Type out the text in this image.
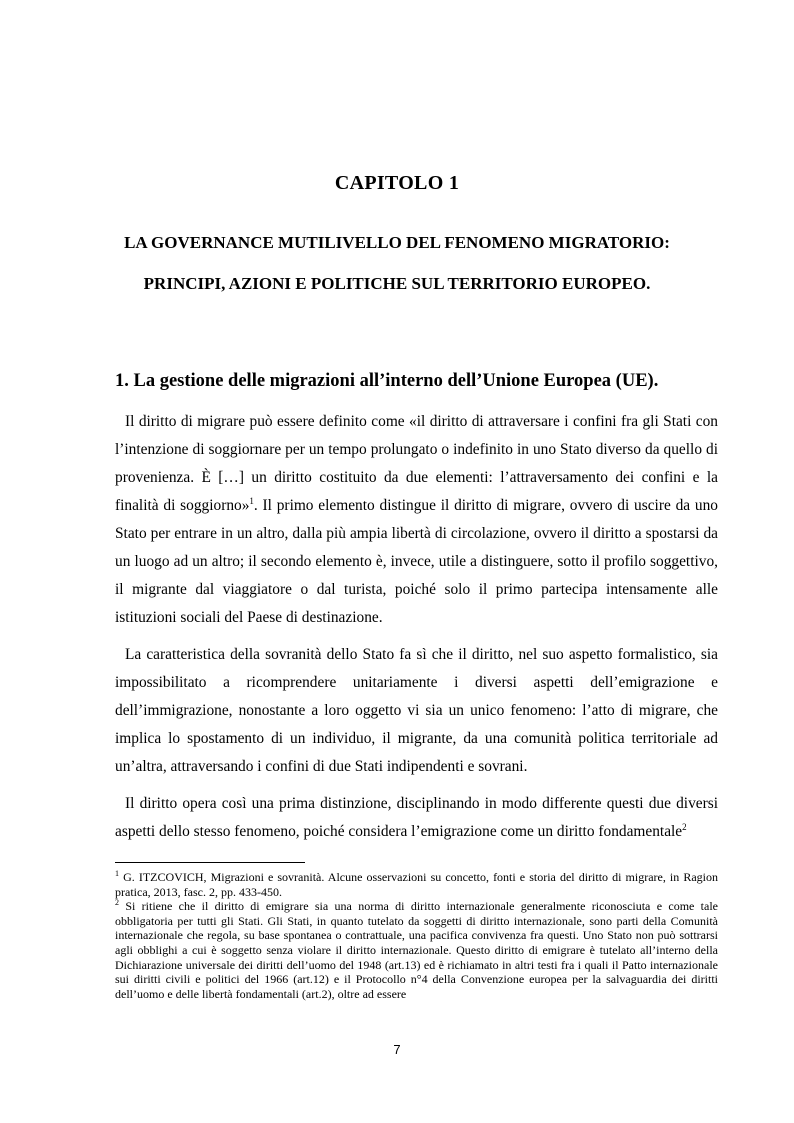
CAPITOLO 1
LA GOVERNANCE MUTILIVELLO DEL FENOMENO MIGRATORIO:
PRINCIPI, AZIONI E POLITICHE SUL TERRITORIO EUROPEO.
1. La gestione delle migrazioni all’interno dell’Unione Europea (UE).

Il diritto di migrare può essere definito come «il diritto di attraversare i confini fra gli Stati con l’intenzione di soggiornare per un tempo prolungato o indefinito in uno Stato diverso da quello di provenienza. È […] un diritto costituito da due elementi: l’attraversamento dei confini e la finalità di soggiorno»$^1$. Il primo elemento distingue il diritto di migrare, ovvero di uscire da uno Stato per entrare in un altro, dalla più ampia libertà di circolazione, ovvero il diritto a spostarsi da un luogo ad un altro; il secondo elemento è, invece, utile a distinguere, sotto il profilo soggettivo, il migrante dal viaggiatore o dal turista, poiché solo il primo partecipa intensamente alle istituzioni sociali del Paese di destinazione.

La caratteristica della sovranità dello Stato fa sì che il diritto, nel suo aspetto formalistico, sia impossibilitato a ricomprendere unitariamente i diversi aspetti dell’emigrazione e dell’immigrazione, nonostante a loro oggetto vi sia un unico fenomeno: l’atto di migrare, che implica lo spostamento di un individuo, il migrante, da una comunità politica territoriale ad un’altra, attraversando i confini di due Stati indipendenti e sovrani.

Il diritto opera così una prima distinzione, disciplinando in modo differente questi due diversi aspetti dello stesso fenomeno, poiché considera l’emigrazione come un diritto fondamentale$^2$

$^1$ G. ITZCOVICH, Migrazioni e sovranità. Alcune osservazioni su concetto, fonti e storia del diritto di migrare, in Ragion pratica, 2013, fasc. 2, pp. 433-450.

$^2$ Si ritiene che il diritto di emigrare sia una norma di diritto internazionale generalmente riconosciuta e come tale obbligatoria per tutti gli Stati. Gli Stati, in quanto tutelato da soggetti di diritto internazionale, sono parti della Comunità internazionale che regola, su base spontanea o contrattuale, una pacifica convivenza fra questi. Uno Stato non può sottrarsi agli obblighi a cui è soggetto senza violare il diritto internazionale. Questo diritto di emigrare è tutelato all’interno della Dichiarazione universale dei diritti dell’uomo del 1948 (art.13) ed è richiamato in altri testi fra i quali il Patto internazionale sui diritti civili e politici del 1966 (art.12) e il Protocollo n°4 della Convenzione europea per la salvaguardia dei diritti dell’uomo e delle libertà fondamentali (art.2), oltre ad essere

7
